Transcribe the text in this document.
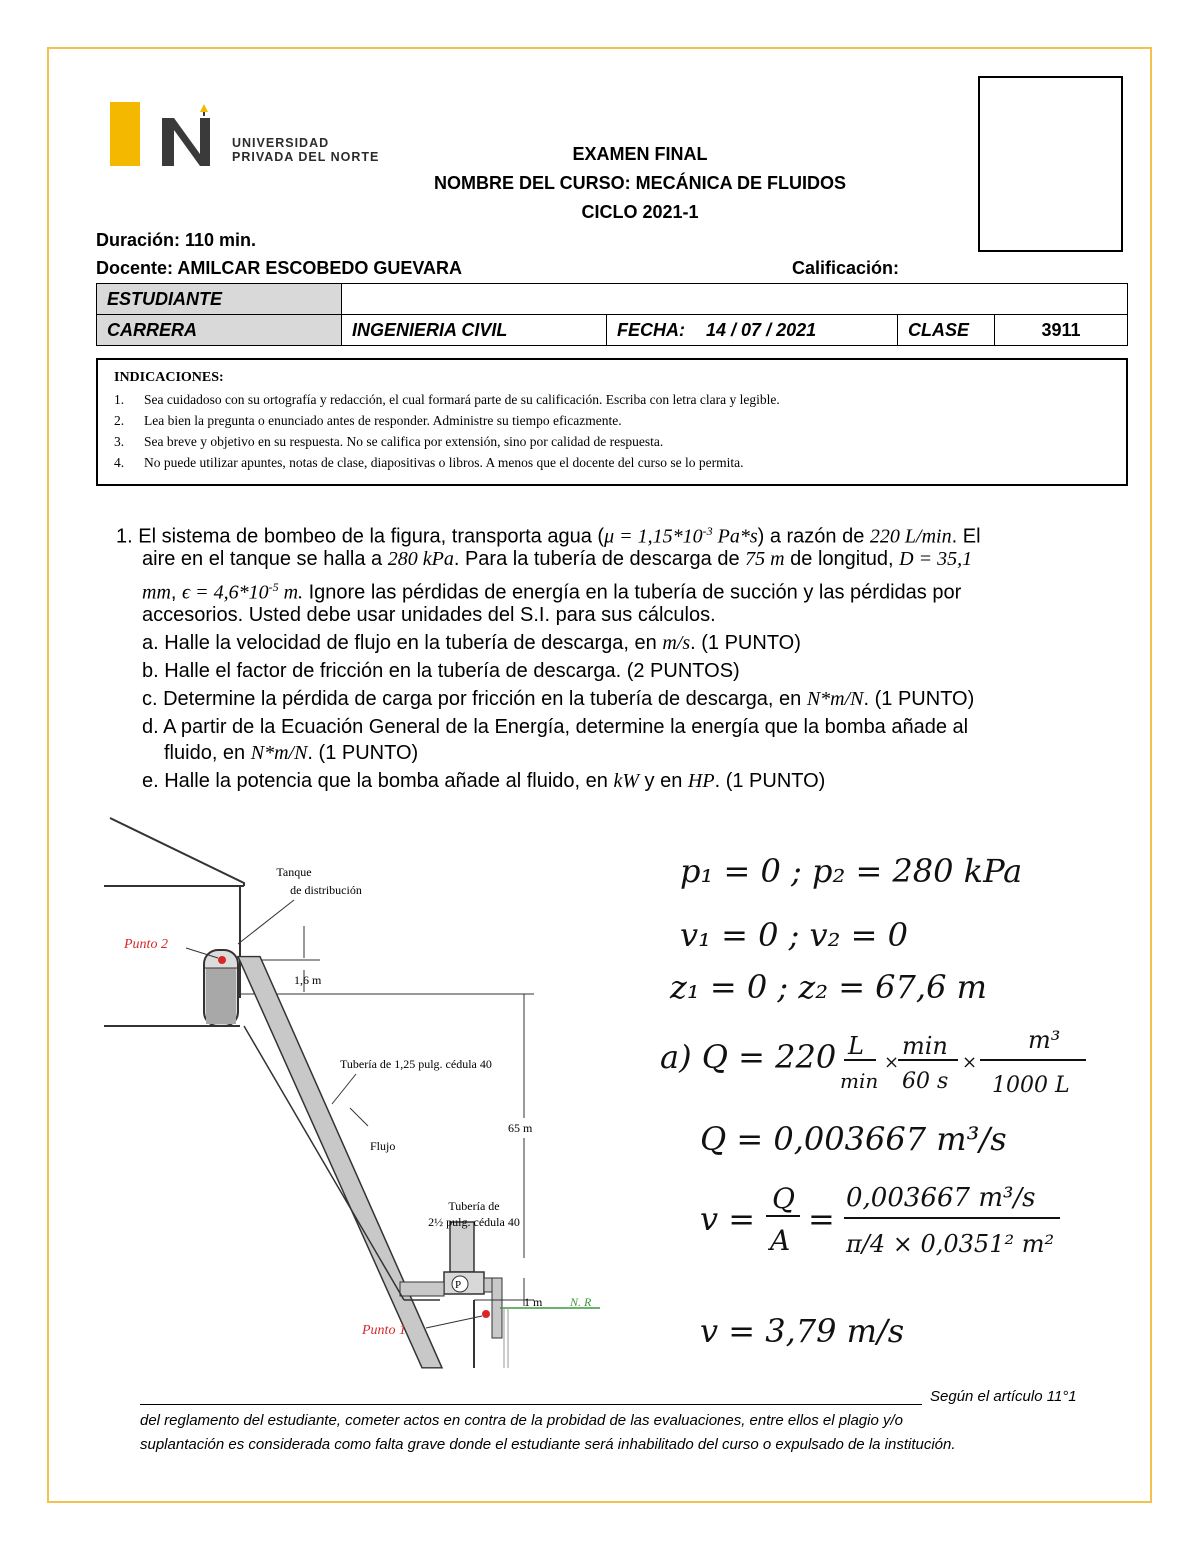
UNIVERSIDAD
PRIVADA DEL NORTE	EXAMEN FINAL
NOMBRE DEL CURSO: MECÁNICA DE FLUIDOS
CICLO 2021-1
Duración: 110 min.
Docente: AMILCAR ESCOBEDO GUEVARA	Calificación:
ESTUDIANTE				
CARRERA	INGENIERIA CIVIL	FECHA: 14 / 07 / 2021	CLASE	3911
INDICACIONES:
1. Sea cuidadoso con su ortografía y redacción, el cual formará parte de su calificación. Escriba con letra clara y legible.
2. Lea bien la pregunta o enunciado antes de responder. Administre su tiempo eficazmente.
3. Sea breve y objetivo en su respuesta. No se califica por extensión, sino por calidad de respuesta.
4. No puede utilizar apuntes, notas de clase, diapositivas o libros. A menos que el docente del curso se lo permita.
1. El sistema de bombeo de la figura, transporta agua ($\mu = 1,15*10^{-3}$ Pa*s) a razón de 220 L/min. El
aire en el tanque se halla a 280 kPa. Para la tubería de descarga de 75 m de longitud, D = 35,1
mm, $\epsilon = 4,6*10^{-5}$ m. Ignore las pérdidas de energía en la tubería de succión y las pérdidas por
accesorios. Usted debe usar unidades del S.I. para sus cálculos.
a. Halle la velocidad de flujo en la tubería de descarga, en m/s. (1 PUNTO)
b. Halle el factor de fricción en la tubería de descarga. (2 PUNTOS)
c. Determine la pérdida de carga por fricción en la tubería de descarga, en N*m/N. (1 PUNTO)
d. A partir de la Ecuación General de la Energía, determine la energía que la bomba añade al
fluido, en N*m/N. (1 PUNTO)
e. Halle la potencia que la bomba añade al fluido, en kW y en HP. (1 PUNTO)
Punto 2
Tanque
de distribución
1,6 m
Tubería de 1,25 pulg. cédula 40
Flujo
65 m
P
Tubería de
2½ pulg. cédula 40
1 m N. R
Punto 1
p₁ = 0 ; p₂ = 280 kPa
v₁ = 0 ; v₂ = 0
z₁ = 0 ; z₂ = 67,6 m
a) Q = 220 L
min
×
min
60 s
×
m³
1000 L
Q = 0,003667 m³/s
v =
Q
A
=
0,003667 m³/s
π/4 × 0,0351² m²
v = 3,79 m/s
Según el artículo 11°1
del reglamento del estudiante, cometer actos en contra de la probidad de las evaluaciones, entre ellos el plagio y/o
suplantación es considerada como falta grave donde el estudiante será inhabilitado del curso o expulsado de la institución.
